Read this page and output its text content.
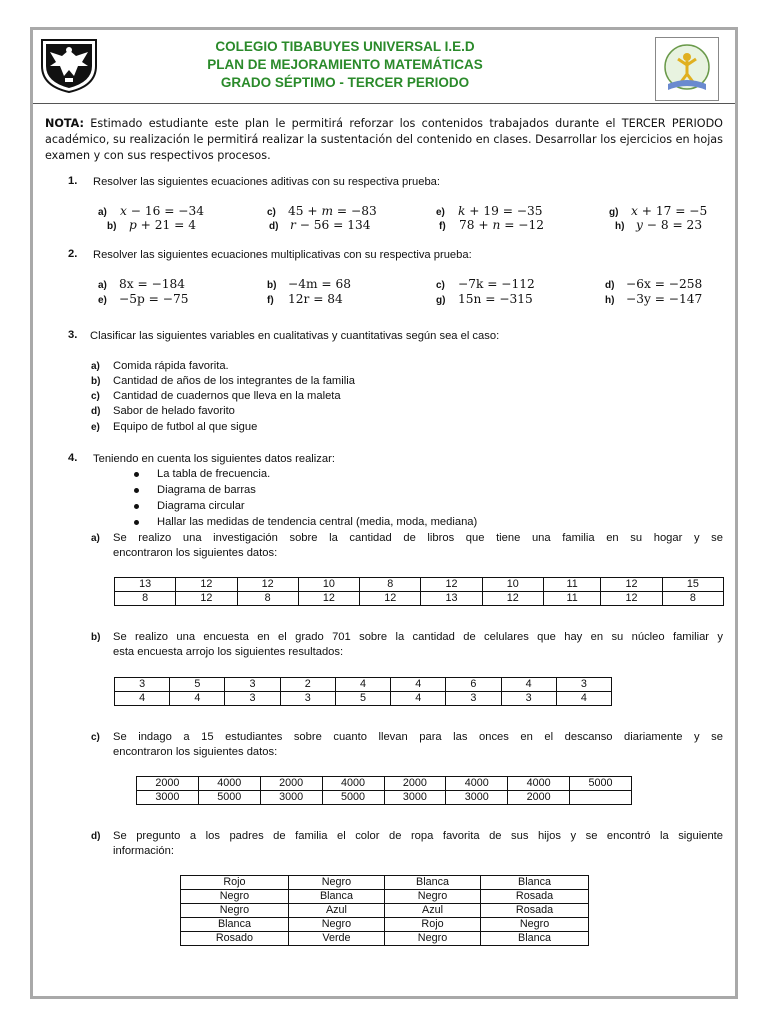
COLEGIO TIBABUYES UNIVERSAL I.E.D
PLAN DE MEJORAMIENTO MATEMÁTICAS
GRADO SÉPTIMO - TERCER PERIODO
NOTA: Estimado estudiante este plan le permitirá reforzar los contenidos trabajados durante el TERCER PERIODO académico, su realización le permitirá realizar la sustentación del contenido en clases. Desarrollar los ejercicios en hojas examen y con sus respectivos procesos.
1. Resolver las siguientes ecuaciones aditivas con su respectiva prueba:
a) 𝑥 − 16 = −34
b) 𝑝 + 21 = 4
c) 45 + 𝑚 = −83
d) 𝑟 − 56 = 134
e) 𝑘 + 19 = −35
f) 78 + 𝑛 = −12
g) 𝑥 + 17 = −5
h) 𝑦 − 8 = 23
2. Resolver las siguientes ecuaciones multiplicativas con su respectiva prueba:
a) 8x = −184
e) −5p = −75
b) −4m = 68
f) 12r = 84
c) −7k = −112
g) 15n = −315
d) −6x = −258
h) −3y = −147
3. Clasificar las siguientes variables en cualitativas y cuantitativas según sea el caso:
a) Comida rápida favorita.
b) Cantidad de años de los integrantes de la familia
c) Cantidad de cuadernos que lleva en la maleta
d) Sabor de helado favorito
e) Equipo de futbol al que sigue
4. Teniendo en cuenta los siguientes datos realizar:
La tabla de frecuencia.
Diagrama de barras
Diagrama circular
Hallar las medidas de tendencia central (media, moda, mediana)
a) Se realizo una investigación sobre la cantidad de libros que tiene una familia en su hogar y se
encontraron los siguientes datos:
13	12	12	10	8	12	10	11	12	15
8	12	8	12	12	13	12	11	12	8
b) Se realizo una encuesta en el grado 701 sobre la cantidad de celulares que hay en su núcleo familiar y
esta encuesta arrojo los siguientes resultados:
3	5	3	2	4	4	6	4	3
4	4	3	3	5	4	3	3	4
c) Se indago a 15 estudiantes sobre cuanto llevan para las onces en el descanso diariamente y se
encontraron los siguientes datos:
2000	4000	2000	4000	2000	4000	4000	5000
3000	5000	3000	5000	3000	3000	2000	
d) Se pregunto a los padres de familia el color de ropa favorita de sus hijos y se encontró la siguiente
información:
Rojo	Negro	Blanca	Blanca
Negro	Blanca	Negro	Rosada
Negro	Azul	Azul	Rosada
Blanca	Negro	Rojo	Negro
Rosado	Verde	Negro	Blanca
